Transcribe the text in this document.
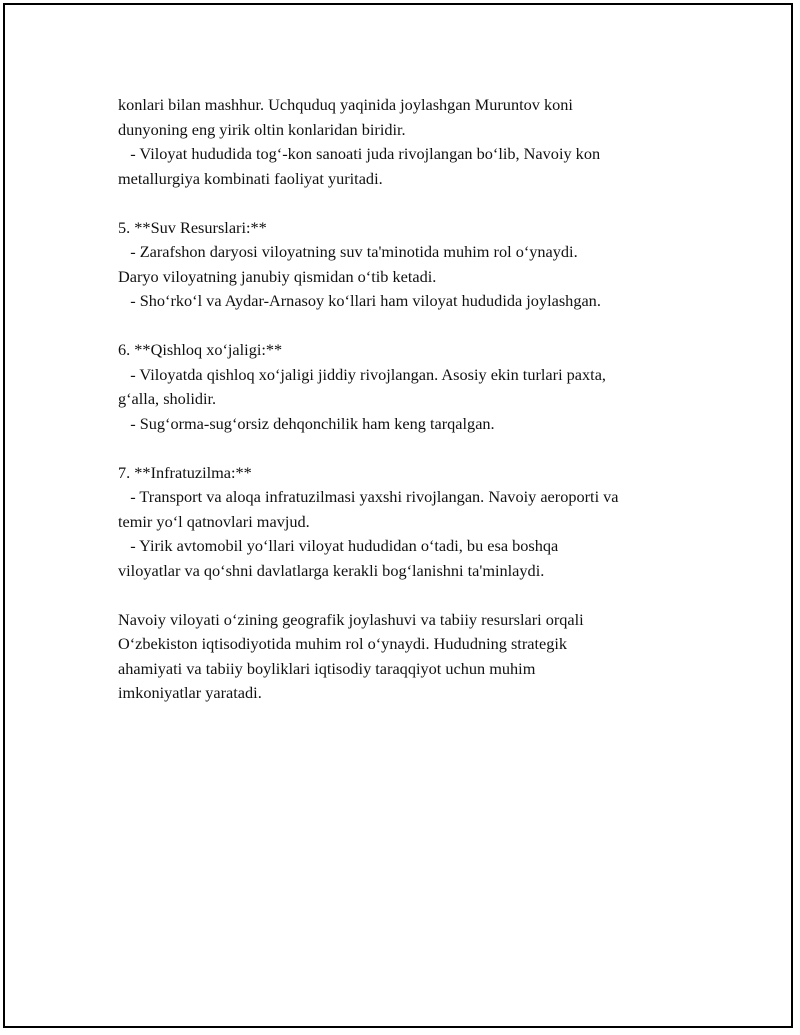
konlari bilan mashhur. Uchquduq yaqinida joylashgan Muruntov koni
dunyoning eng yirik oltin konlaridan biridir.
- Viloyat hududida tog‘-kon sanoati juda rivojlangan bo‘lib, Navoiy kon
metallurgiya kombinati faoliyat yuritadi.
5. **Suv Resurslari:**
- Zarafshon daryosi viloyatning suv ta'minotida muhim rol o‘ynaydi.
Daryo viloyatning janubiy qismidan o‘tib ketadi.
- Sho‘rko‘l va Aydar-Arnasoy ko‘llari ham viloyat hududida joylashgan.
6. **Qishloq xo‘jaligi:**
- Viloyatda qishloq xo‘jaligi jiddiy rivojlangan. Asosiy ekin turlari paxta,
g‘alla, sholidir.
- Sug‘orma-sug‘orsiz dehqonchilik ham keng tarqalgan.
7. **Infratuzilma:**
- Transport va aloqa infratuzilmasi yaxshi rivojlangan. Navoiy aeroporti va
temir yo‘l qatnovlari mavjud.
- Yirik avtomobil yo‘llari viloyat hududidan o‘tadi, bu esa boshqa
viloyatlar va qo‘shni davlatlarga kerakli bog‘lanishni ta'minlaydi.
Navoiy viloyati o‘zining geografik joylashuvi va tabiiy resurslari orqali
O‘zbekiston iqtisodiyotida muhim rol o‘ynaydi. Hududning strategik
ahamiyati va tabiiy boyliklari iqtisodiy taraqqiyot uchun muhim
imkoniyatlar yaratadi.
